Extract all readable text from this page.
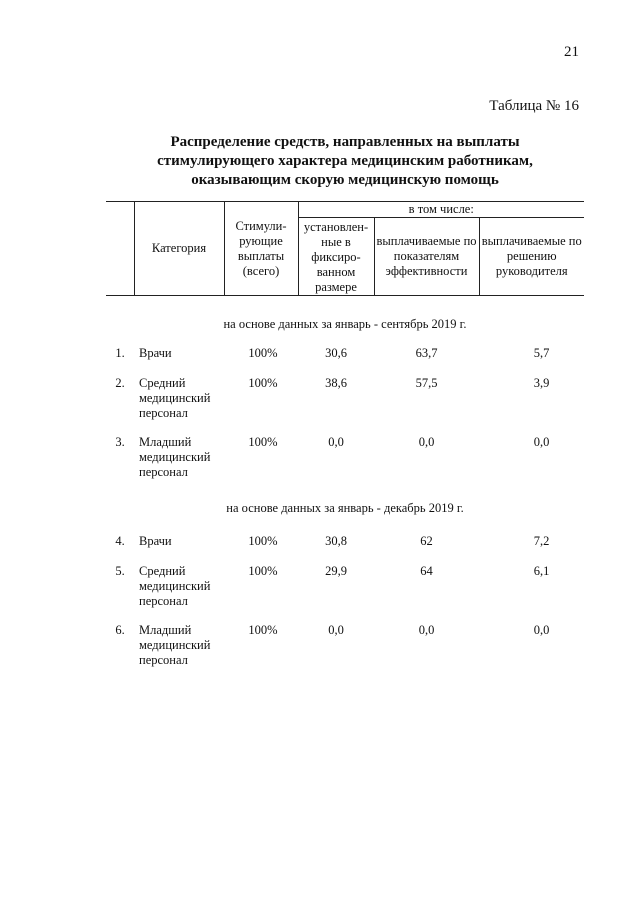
21
Таблица № 16
Распределение средств, направленных на выплаты стимулирующего характера медицинским работникам, оказывающим скорую медицинскую помощь
	Категория	Стимули-рующие выплаты (всего)	в том числе:		
			установлен-ные в фиксиро-ванном размере	выплачиваемые по показателям эффективности	выплачиваемые по решению руководителя
на основе данных за январь - сентябрь 2019 г.					
1.	Врачи	100%	30,6	63,7	5,7
2.	Средний медицинский персонал	100%	38,6	57,5	3,9
3.	Младший медицинский персонал	100%	0,0	0,0	0,0
на основе данных за январь - декабрь 2019 г.					
4.	Врачи	100%	30,8	62	7,2
5.	Средний медицинский персонал	100%	29,9	64	6,1
6.	Младший медицинский персонал	100%	0,0	0,0	0,0
